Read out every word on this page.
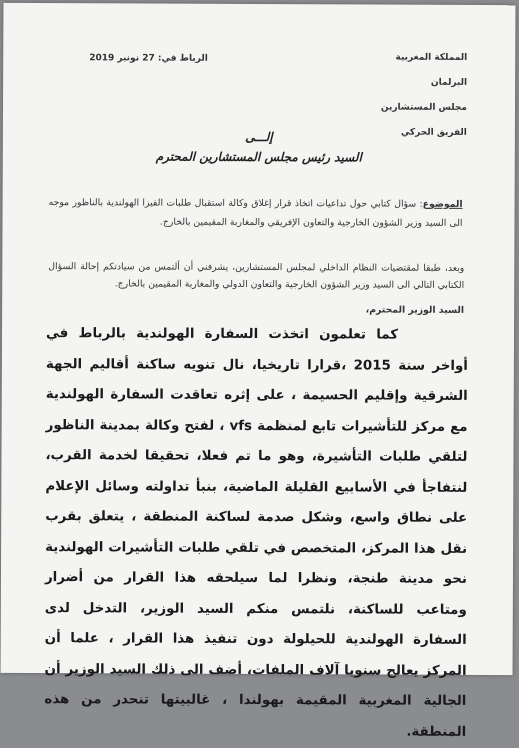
المملكة المغربية
البرلمان
مجلس المستشارين
الفريق الحركي
الرباط في: 27 نونبر 2019
إلـــى
السيد رئيس مجلس المستشارين المحترم
الموضوع: سؤال كتابي حول تداعيات اتخاذ قرار إغلاق وكالة استقبال طلبات الفيزا الهولندية بالناظور موجه الى السيد وزير الشؤون الخارجية والتعاون الإفريقي والمغاربة المقيمين بالخارج.
وبعد، طبقا لمقتضيات النظام الداخلي لمجلس المستشارين، يشرفني أن ألتمس من سيادتكم إحالة السؤال الكتابي التالي الى السيد وزير الشؤون الخارجية والتعاون الدولي والمغاربة المقيمين بالخارج.
السيد الوزير المحترم،
كما تعلمون اتخذت السفارة الهولندية بالرباط في أواخر سنة 2015 ،قرارا تاريخيا، نال تنويه ساكنة أقاليم الجهة الشرقية وإقليم الحسيمة ، على إثره تعاقدت السفارة الهولندية مع مركز للتأشيرات تابع لمنظمة vfs ، لفتح وكالة بمدينة الناظور لتلقي طلبات التأشيرة، وهو ما تم فعلا، تحقيقا لخدمة القرب، لنتفاجأ في الأسابيع القليلة الماضية، بنبأ تداولته وسائل الإعلام على نطاق واسع، وشكل صدمة لساكنة المنطقة ، يتعلق بقرب نقل هذا المركز، المتخصص في تلقي طلبات التأشيرات الهولندية نحو مدينة طنجة، ونظرا لما سيلحقه هذا القرار من أضرار ومتاعب للساكنة، نلتمس منكم السيد الوزير، التدخل لدى السفارة الهولندية للحيلولة دون تنفيذ هذا القرار ، علما أن المركز يعالج سنويا آلاف الملفات، أضف الى ذلك السيد الوزير أن الجالية المغربية المقيمة بهولندا ، غالبيتها تنحدر من هذه المنطقة.
